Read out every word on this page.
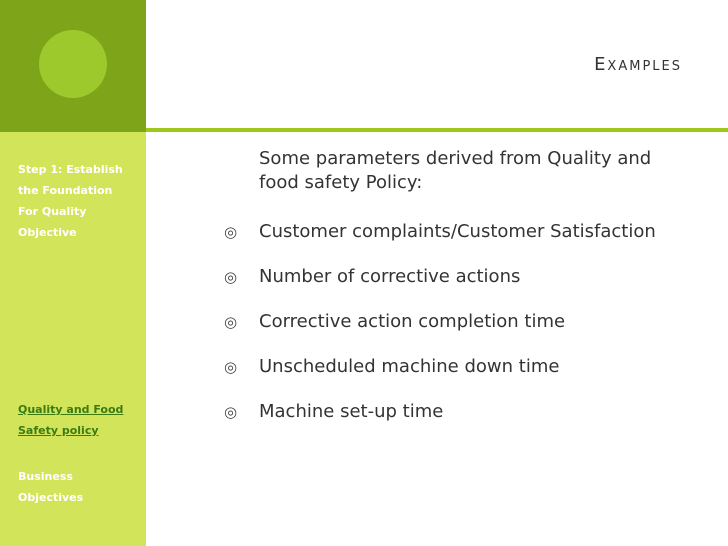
Examples
Step 1: Establish
the Foundation
For Quality
Objective
Quality and Food
Safety policy
Business
Objectives
Some parameters derived from Quality and food safety Policy:
◎	Customer complaints/Customer Satisfaction
◎	Number of corrective actions
◎	Corrective action completion time
◎	Unscheduled machine down time
◎	Machine set-up time
